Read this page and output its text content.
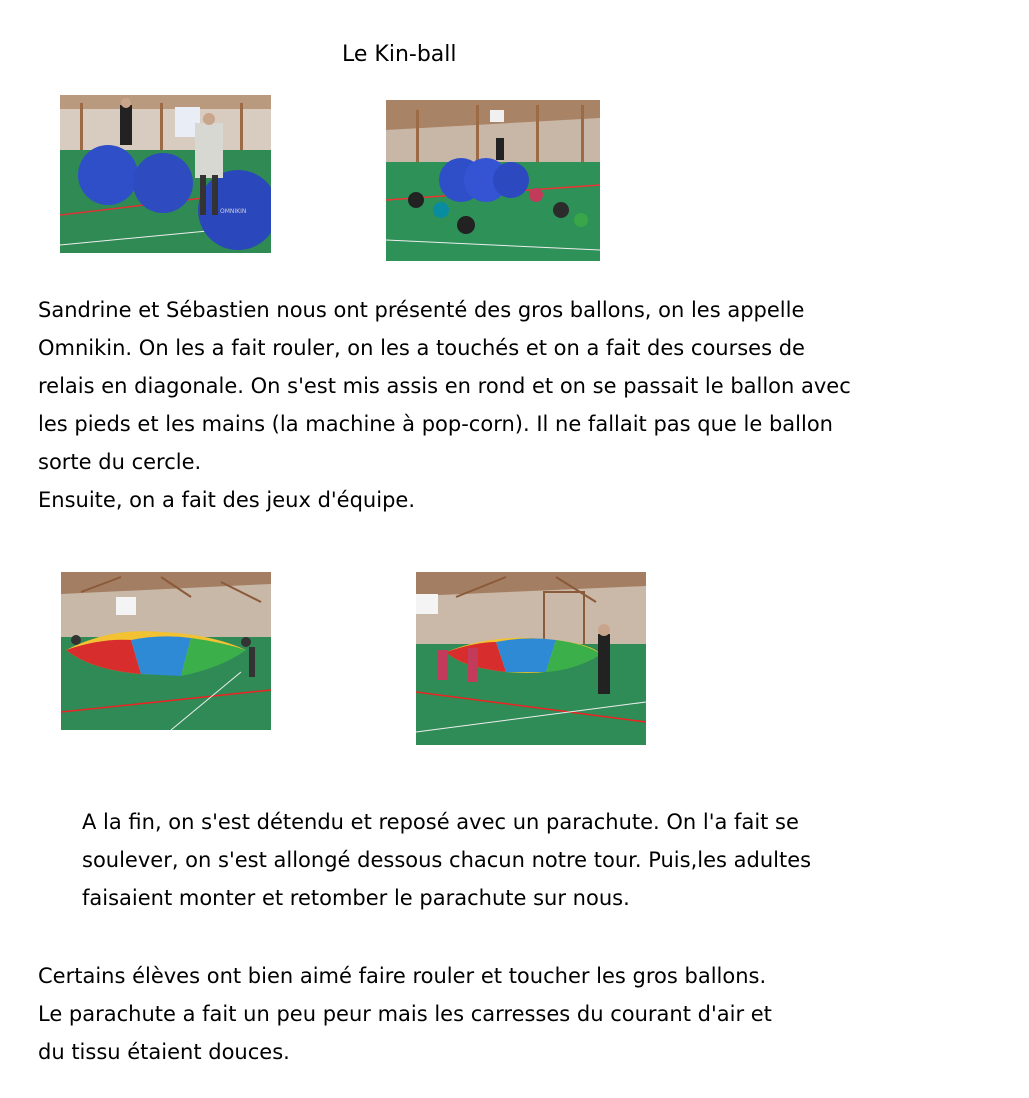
Le Kin-ball
OMNIKIN
Sandrine et Sébastien nous ont présenté des gros ballons, on les appelle
Omnikin. On les a fait rouler, on les a touchés et on a fait des courses de
relais en diagonale. On s'est mis assis en rond et on se passait le ballon avec
les pieds et les mains (la machine à pop-corn). Il ne fallait pas que le ballon
sorte du cercle.
Ensuite, on a fait des jeux d'équipe.
A la fin, on s'est détendu et reposé avec un parachute. On l'a fait se
soulever, on s'est allongé dessous chacun notre tour. Puis,les adultes
faisaient monter et retomber le parachute sur nous.
Certains élèves ont bien aimé faire rouler et toucher les gros ballons.
Le parachute a fait un peu peur mais les carresses du courant d'air et
du tissu étaient douces.
